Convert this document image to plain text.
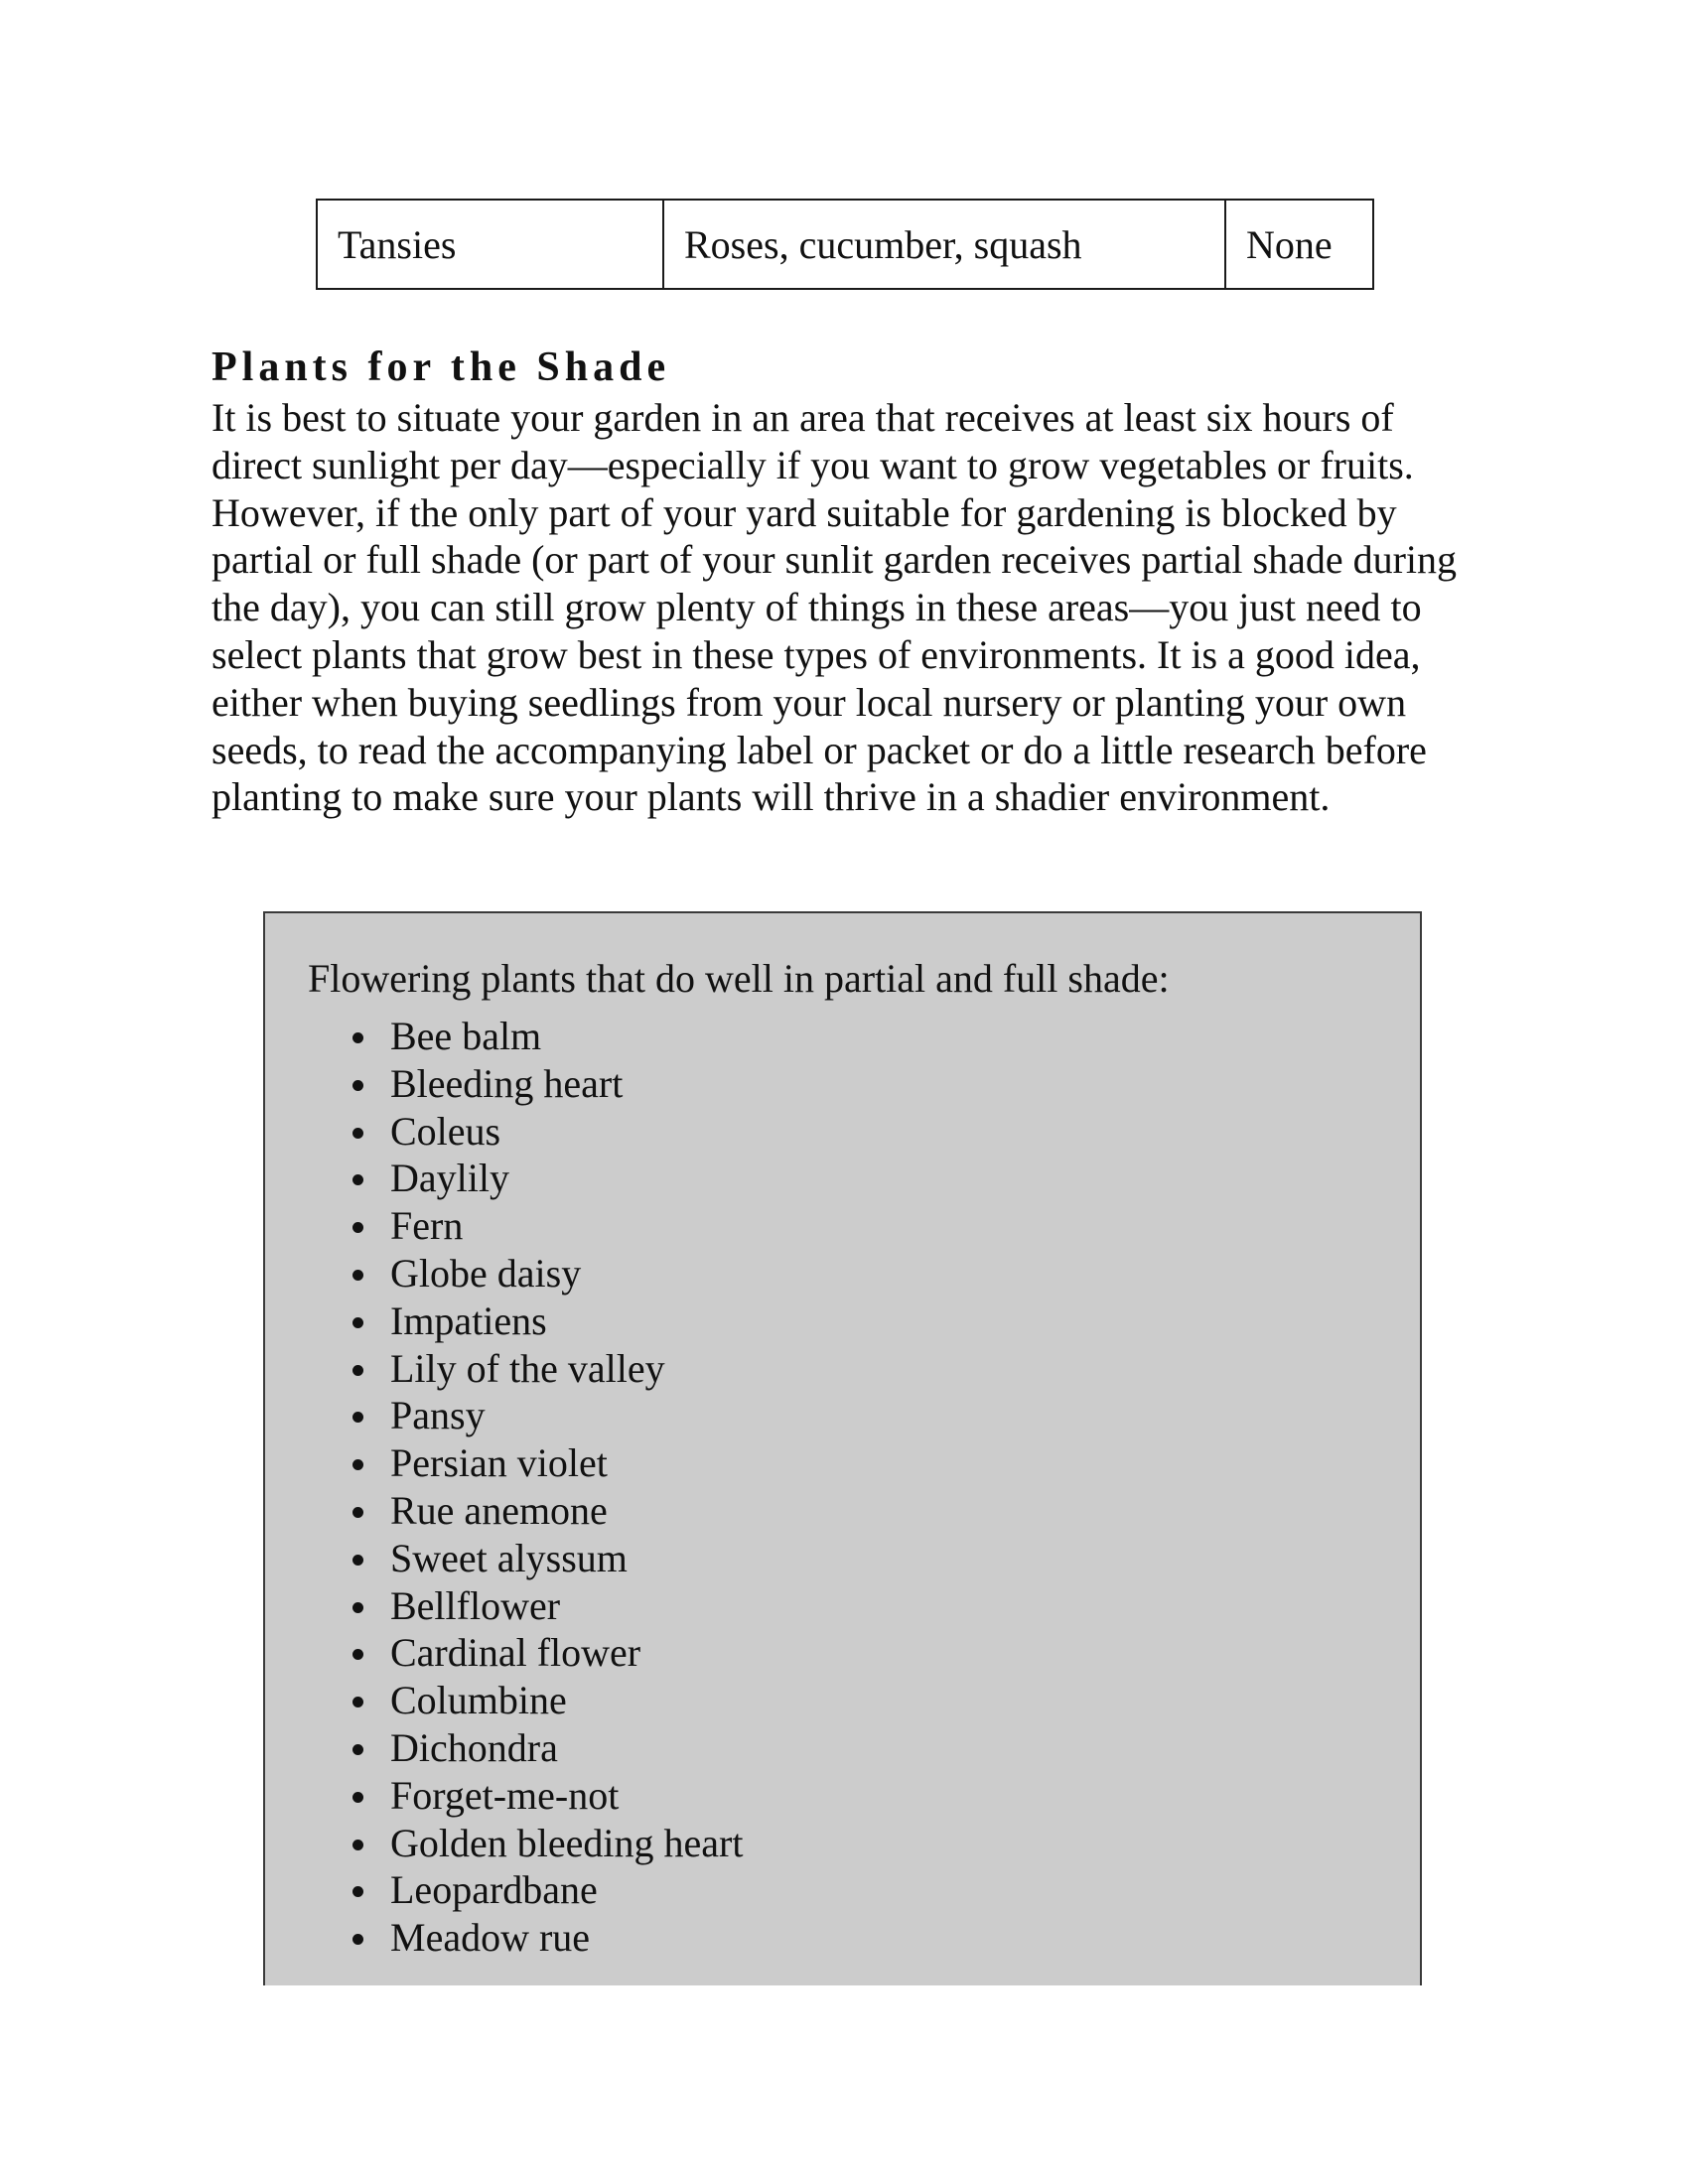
Tansies	Roses, cucumber, squash	None
Plants for the Shade

It is best to situate your garden in an area that receives at least six hours of direct sunlight per day—especially if you want to grow vegetables or fruits. However, if the only part of your yard suitable for gardening is blocked by partial or full shade (or part of your sunlit garden receives partial shade during the day), you can still grow plenty of things in these areas—you just need to select plants that grow best in these types of environments. It is a good idea, either when buying seedlings from your local nursery or planting your own seeds, to read the accompanying label or packet or do a little research before planting to make sure your plants will thrive in a shadier environment.

Flowering plants that do well in partial and full shade:

Bee balm
Bleeding heart
Coleus
Daylily
Fern
Globe daisy
Impatiens
Lily of the valley
Pansy
Persian violet
Rue anemone
Sweet alyssum
Bellflower
Cardinal flower
Columbine
Dichondra
Forget-me-not
Golden bleeding heart
Leopardbane
Meadow rue
